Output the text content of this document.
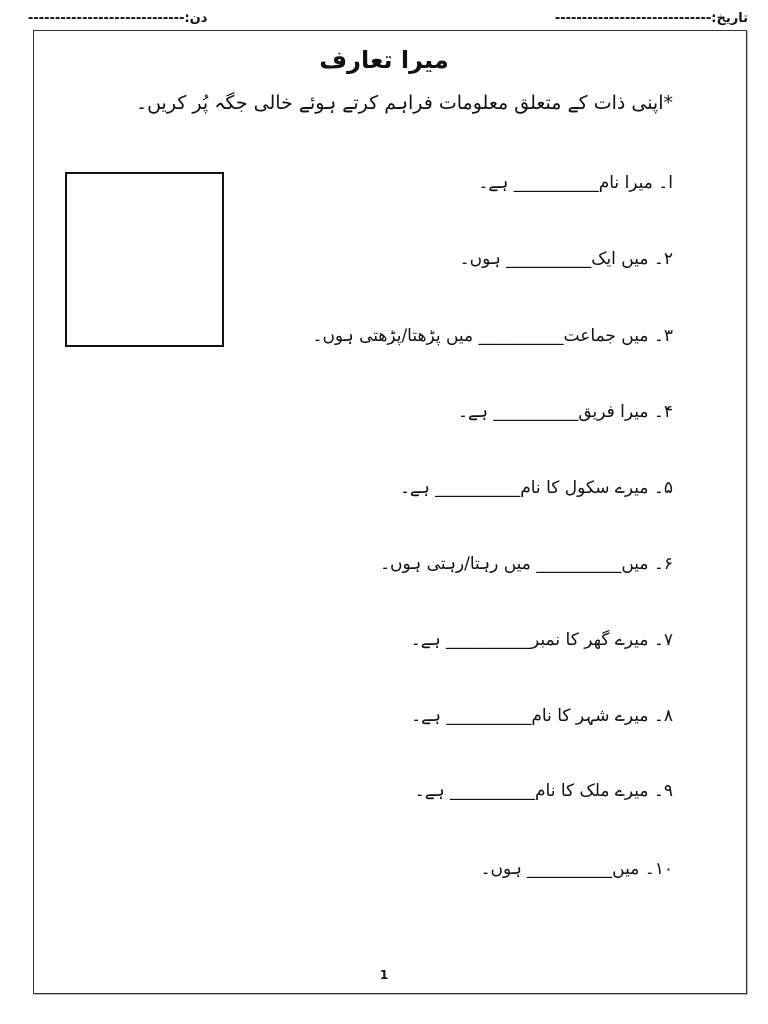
تاریخ:-----------------------------
دن:-----------------------------
میرا تعارف
*اپنی ذات کے متعلق معلومات فراہم کرتے ہوئے خالی جگہ پُر کریں۔
ا۔ میرا نام__________ ہے۔
۲۔ میں ایک__________ ہوں۔
۳۔ میں جماعت__________ میں پڑھتا/پڑھتی ہوں۔
۴۔ میرا فریق__________ ہے۔
۵۔ میرے سکول کا نام__________ ہے۔
۶۔ میں__________ میں رہتا/رہتی ہوں۔
۷۔ میرے گھر کا نمبر__________ ہے۔
۸۔ میرے شہر کا نام__________ ہے۔
۹۔ میرے ملک کا نام__________ ہے۔
۱۰۔ میں__________ ہوں۔
1
